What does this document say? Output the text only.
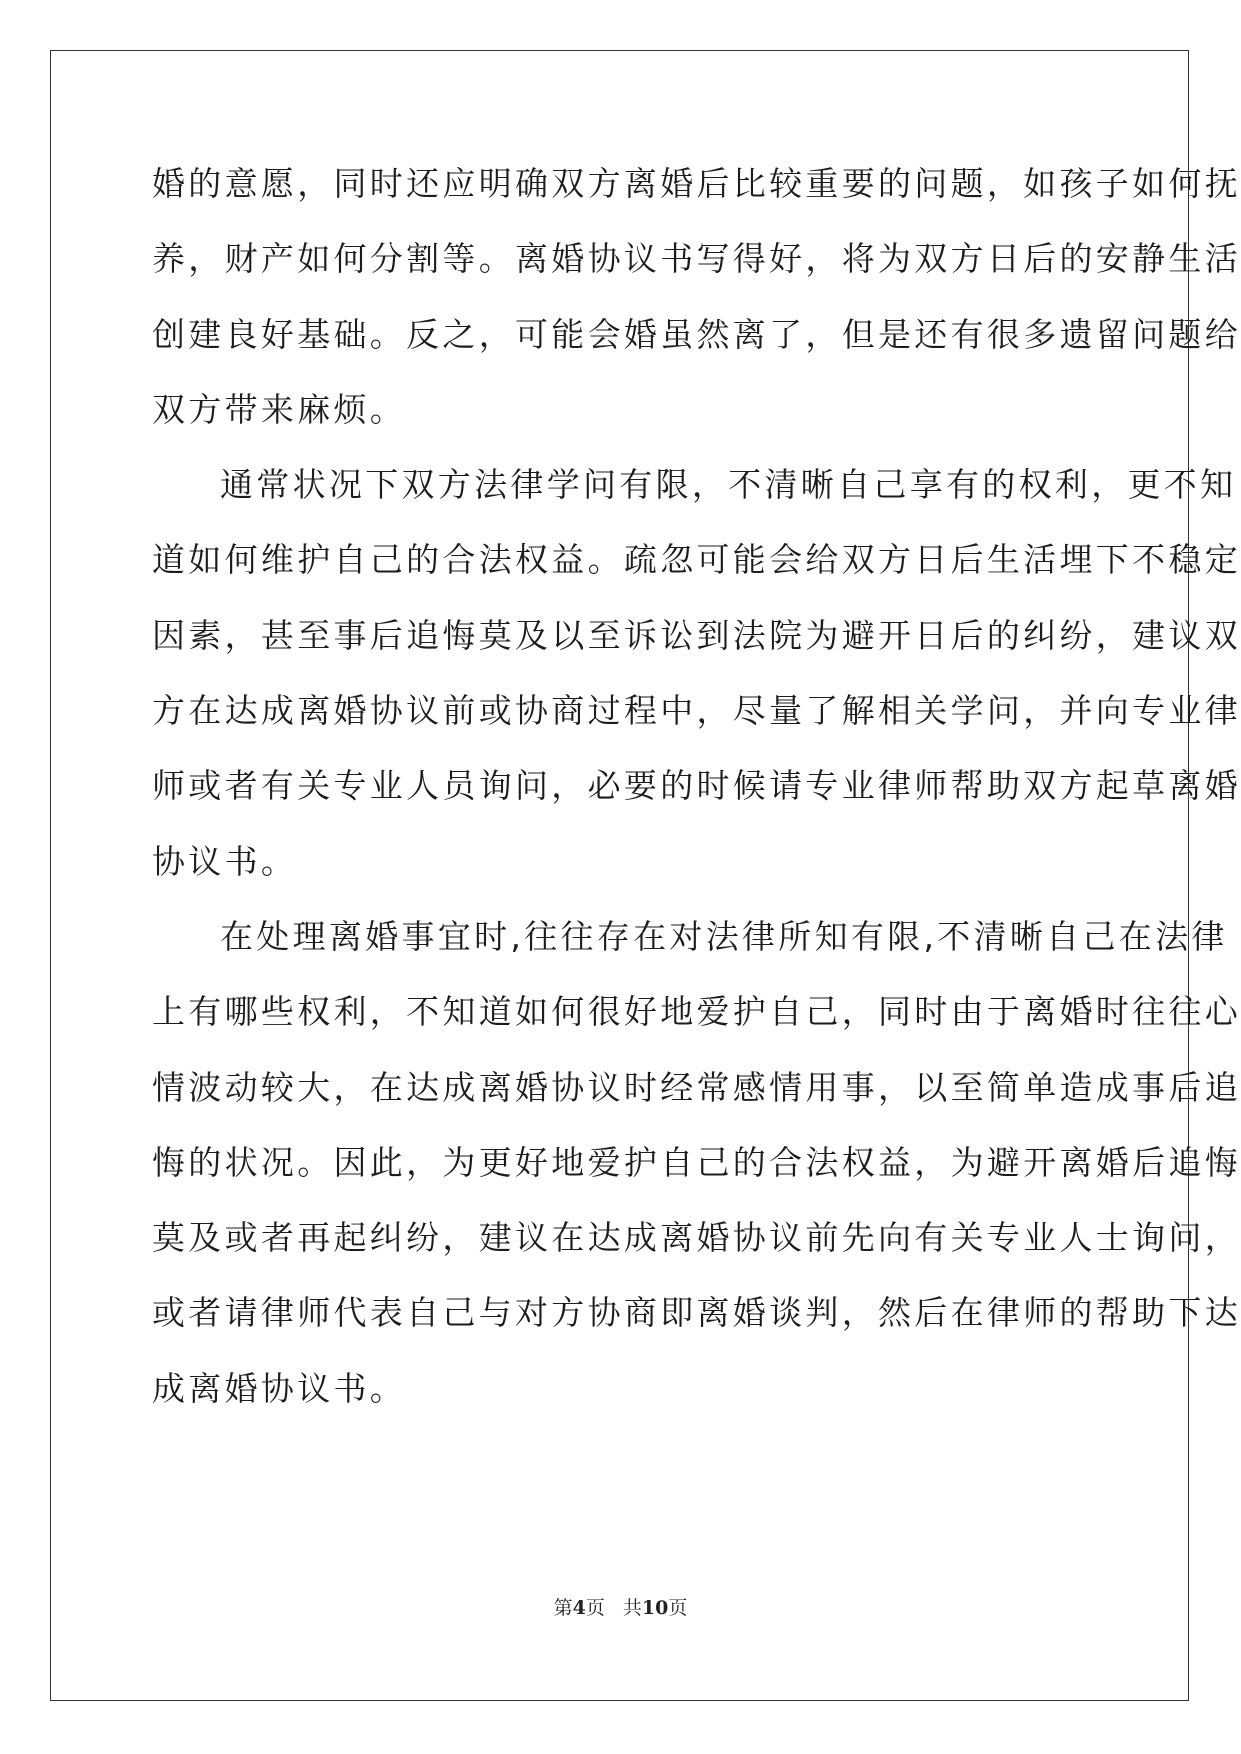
婚的意愿，同时还应明确双方离婚后比较重要的问题，如孩子如何抚
养，财产如何分割等。离婚协议书写得好，将为双方日后的安静生活
创建良好基础。反之，可能会婚虽然离了，但是还有很多遗留问题给
双方带来麻烦。
通常状况下双方法律学问有限，不清晰自己享有的权利，更不知
道如何维护自己的合法权益。疏忽可能会给双方日后生活埋下不稳定
因素，甚至事后追悔莫及以至诉讼到法院为避开日后的纠纷，建议双
方在达成离婚协议前或协商过程中，尽量了解相关学问，并向专业律
师或者有关专业人员询问，必要的时候请专业律师帮助双方起草离婚
协议书。
在处理离婚事宜时,往往存在对法律所知有限,不清晰自己在法律
上有哪些权利，不知道如何很好地爱护自己，同时由于离婚时往往心
情波动较大，在达成离婚协议时经常感情用事，以至简单造成事后追
悔的状况。因此，为更好地爱护自己的合法权益，为避开离婚后追悔
莫及或者再起纠纷，建议在达成离婚协议前先向有关专业人士询问，
或者请律师代表自己与对方协商即离婚谈判，然后在律师的帮助下达
成离婚协议书。
第4页 共10页
